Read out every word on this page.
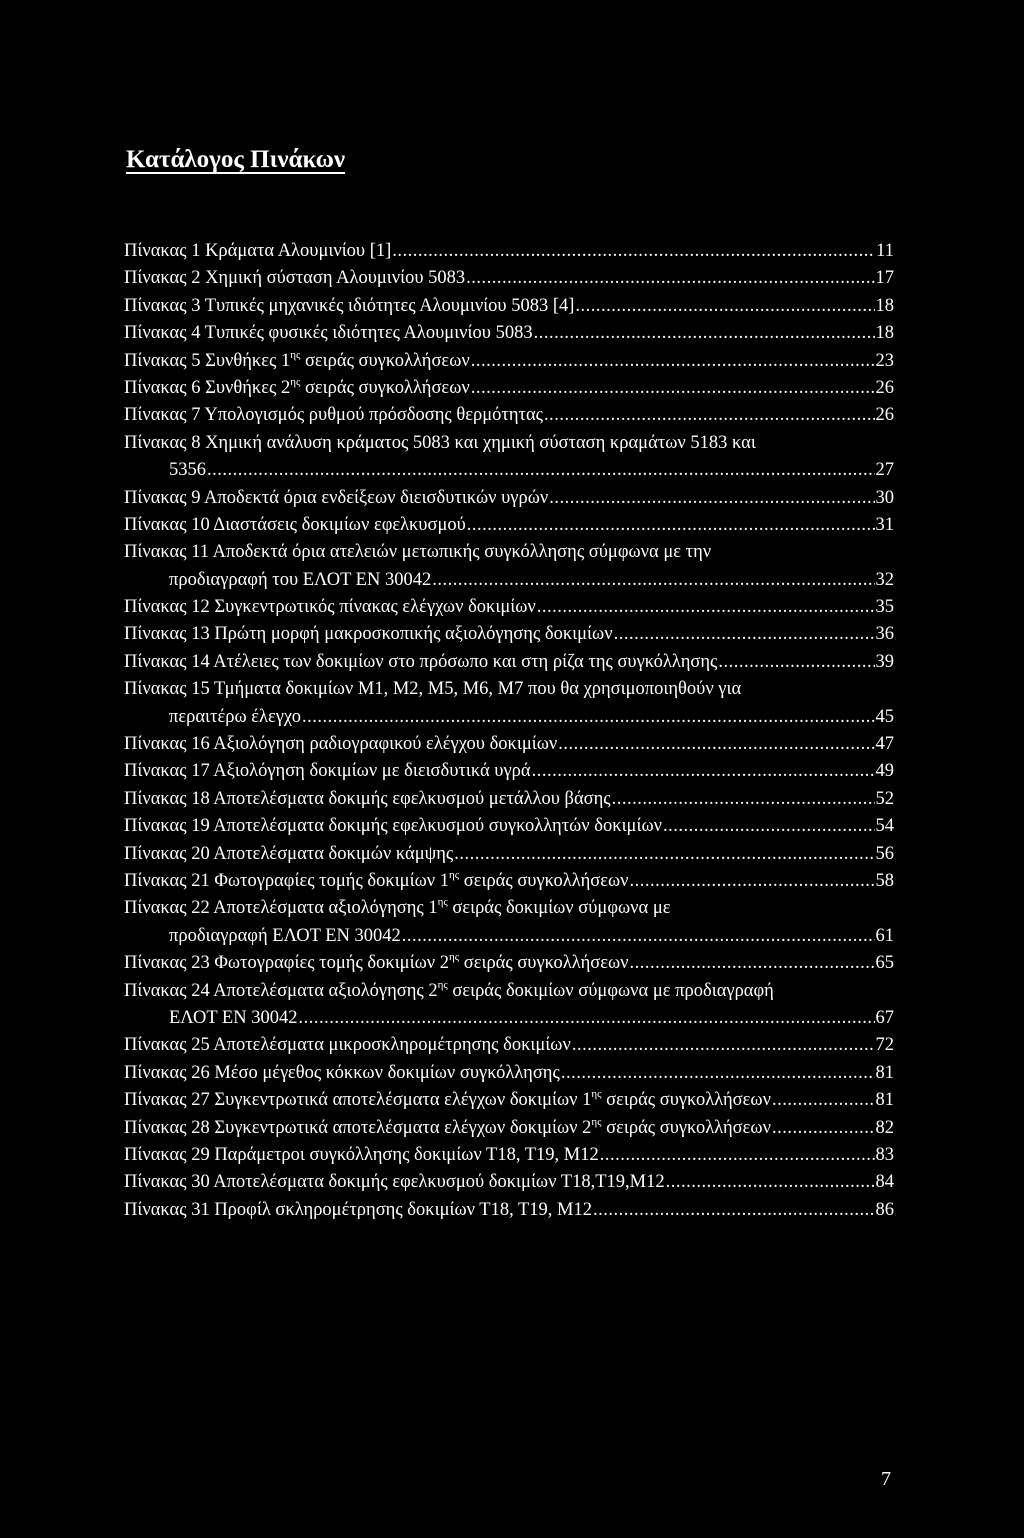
Κατάλογος Πινάκων
Πίνακας 1 Κράματα Αλουμινίου [1] .....	11
Πίνακας 2 Χημική σύσταση Αλουμινίου 5083 .....	17
Πίνακας 3 Τυπικές μηχανικές ιδιότητες Αλουμινίου 5083 [4] .....	18
Πίνακας 4 Τυπικές φυσικές ιδιότητες Αλουμινίου 5083 .....	18
Πίνακας 5 Συνθήκες $1^{\eta\varsigma}$ σειράς συγκολλήσεων .....	23
Πίνακας 6 Συνθήκες $2^{\eta\varsigma}$ σειράς συγκολλήσεων .....	26
Πίνακας 7 Υπολογισμός ρυθμού πρόσδοσης θερμότητας .....	26
Πίνακας 8 Χημική ανάλυση κράματος 5083 και χημική σύσταση κραμάτων 5183 και
5356 .....	27
Πίνακας 9 Αποδεκτά όρια ενδείξεων διεισδυτικών υγρών .....	30
Πίνακας 10 Διαστάσεις δοκιμίων εφελκυσμού .....	31
Πίνακας 11 Αποδεκτά όρια ατελειών μετωπικής συγκόλλησης σύμφωνα με την
προδιαγραφή του ΕΛΟΤ ΕΝ 30042 .....	32
Πίνακας 12 Συγκεντρωτικός πίνακας ελέγχων δοκιμίων .....	35
Πίνακας 13 Πρώτη μορφή μακροσκοπικής αξιολόγησης δοκιμίων .....	36
Πίνακας 14 Ατέλειες των δοκιμίων στο πρόσωπο και στη ρίζα της συγκόλλησης .....	39
Πίνακας 15 Τμήματα δοκιμίων Μ1, Μ2, Μ5, Μ6, Μ7 που θα χρησιμοποιηθούν για
περαιτέρω έλεγχο .....	45
Πίνακας 16 Αξιολόγηση ραδιογραφικού ελέγχου δοκιμίων .....	47
Πίνακας 17 Αξιολόγηση δοκιμίων με διεισδυτικά υγρά .....	49
Πίνακας 18 Αποτελέσματα δοκιμής εφελκυσμού μετάλλου βάσης .....	52
Πίνακας 19 Αποτελέσματα δοκιμής εφελκυσμού συγκολλητών δοκιμίων .....	54
Πίνακας 20 Αποτελέσματα δοκιμών κάμψης .....	56
Πίνακας 21 Φωτογραφίες τομής δοκιμίων $1^{\eta\varsigma}$ σειράς συγκολλήσεων .....	58
Πίνακας 22 Αποτελέσματα αξιολόγησης $1^{\eta\varsigma}$ σειράς δοκιμίων σύμφωνα με
προδιαγραφή ΕΛΟΤ ΕΝ 30042 .....	61
Πίνακας 23 Φωτογραφίες τομής δοκιμίων $2^{\eta\varsigma}$ σειράς συγκολλήσεων .....	65
Πίνακας 24 Αποτελέσματα αξιολόγησης $2^{\eta\varsigma}$ σειράς δοκιμίων σύμφωνα με προδιαγραφή
ΕΛΟΤ ΕΝ 30042 .....	67
Πίνακας 25 Αποτελέσματα μικροσκληρομέτρησης δοκιμίων .....	72
Πίνακας 26 Μέσο μέγεθος κόκκων δοκιμίων συγκόλλησης .....	81
Πίνακας 27 Συγκεντρωτικά αποτελέσματα ελέγχων δοκιμίων $1^{\eta\varsigma}$ σειράς συγκολλήσεων .....	81
Πίνακας 28 Συγκεντρωτικά αποτελέσματα ελέγχων δοκιμίων $2^{\eta\varsigma}$ σειράς συγκολλήσεων .....	82
Πίνακας 29 Παράμετροι συγκόλλησης δοκιμίων Τ18, Τ19, Μ12 .....	83
Πίνακας 30 Αποτελέσματα δοκιμής εφελκυσμού δοκιμίων Τ18,Τ19,Μ12 .....	84
Πίνακας 31 Προφίλ σκληρομέτρησης δοκιμίων Τ18, Τ19, Μ12 .....	86
7
